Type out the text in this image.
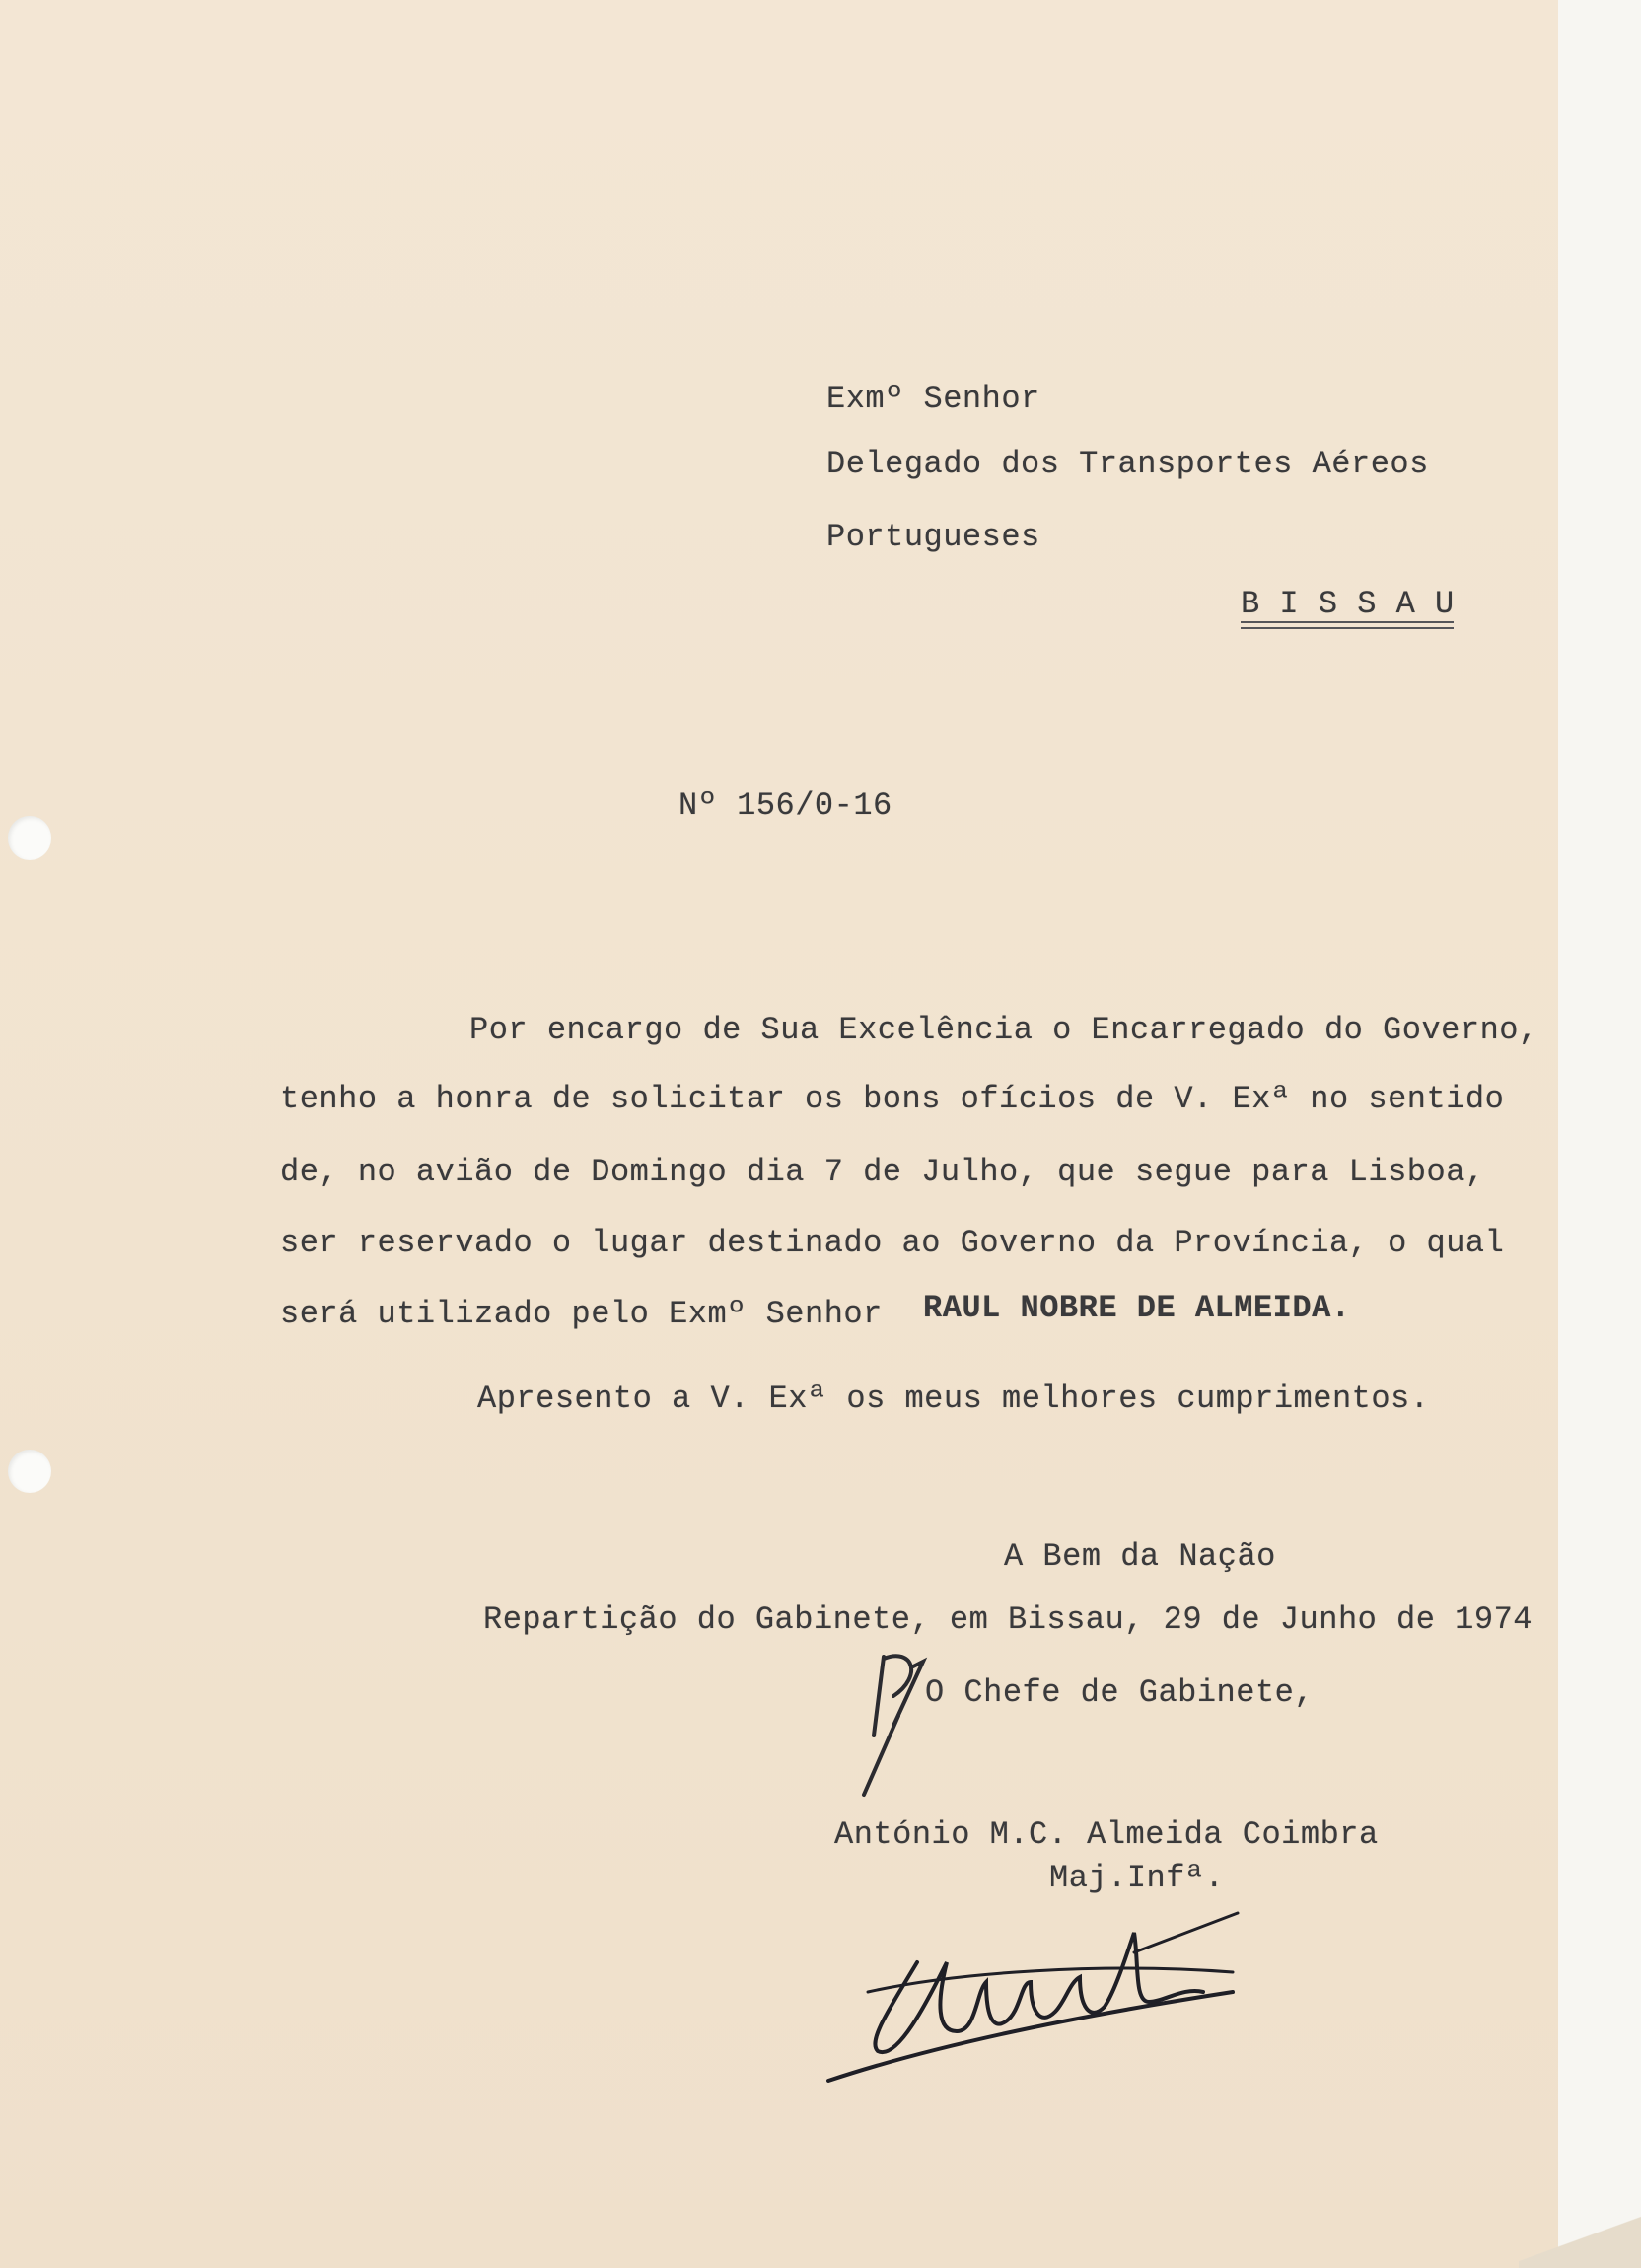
Exmº Senhor
Delegado dos Transportes Aéreos
Portugueses
B I S S A U
Nº 156/0-16
Por encargo de Sua Excelência o Encarregado do Governo,
tenho a honra de solicitar os bons ofícios de V. Exª no sentido
de, no avião de Domingo dia 7 de Julho, que segue para Lisboa,
ser reservado o lugar destinado ao Governo da Província, o qual
será utilizado pelo Exmº Senhor RAUL NOBRE DE ALMEIDA.
Apresento a V. Exª os meus melhores cumprimentos.
A Bem da Nação
Repartição do Gabinete, em Bissau, 29 de Junho de 1974
O Chefe de Gabinete,
António M.C. Almeida Coimbra
Maj.Infª.
